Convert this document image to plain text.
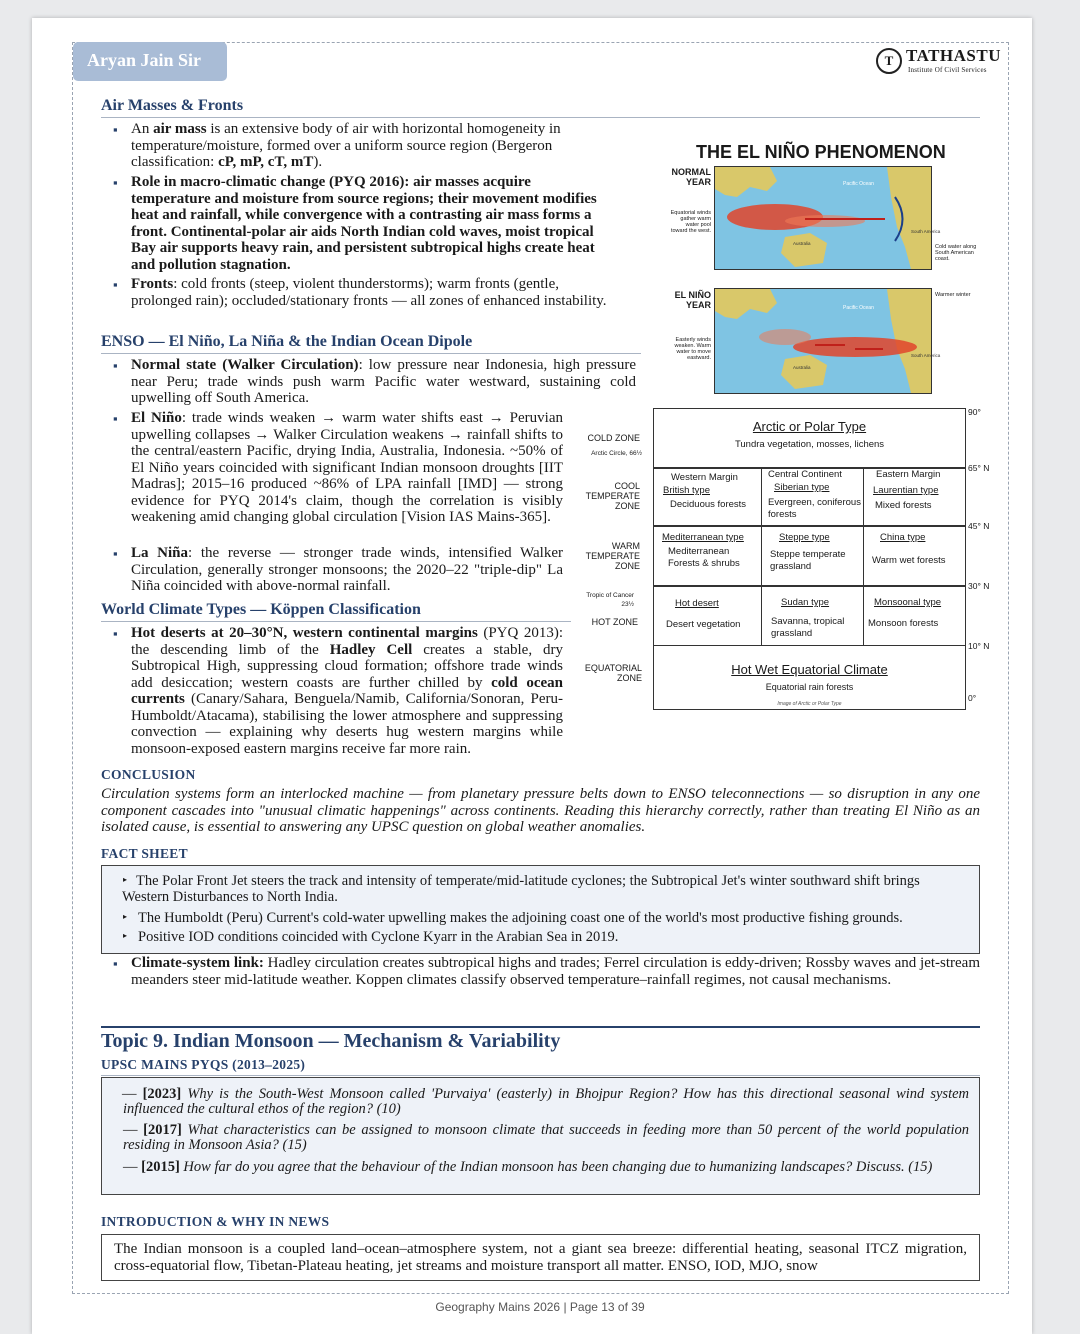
Aryan Jain Sir	T TATHASTU
Institute Of Civil Services
Air Masses & Fronts
▪ An air mass is an extensive body of air with horizontal homogeneity in temperature/moisture, formed over a uniform source region (Bergeron classification: cP, mP, cT, mT).
▪ Role in macro-climatic change (PYQ 2016): air masses acquire temperature and moisture from source regions; their movement modifies heat and rainfall, while convergence with a contrasting air mass forms a front. Continental-polar air aids North Indian cold waves, moist tropical Bay air supports heavy rain, and persistent subtropical highs create heat and pollution stagnation.
▪ Fronts: cold fronts (steep, violent thunderstorms); warm fronts (gentle, prolonged rain); occluded/stationary fronts — all zones of enhanced instability.
ENSO — El Niño, La Niña & the Indian Ocean Dipole
▪ Normal state (Walker Circulation): low pressure near Indonesia, high pressure near Peru; trade winds push warm Pacific water westward, sustaining cold upwelling off South America.
▪ El Niño: trade winds weaken → warm water shifts east → Peruvian upwelling collapses → Walker Circulation weakens → rainfall shifts to the central/eastern Pacific, drying India, Australia, Indonesia. ~50% of El Niño years coincided with significant Indian monsoon droughts [IIT Madras]; 2015–16 produced ~86% of LPA rainfall [IMD] — strong evidence for PYQ 2014's claim, though the correlation is visibly weakening amid changing global circulation [Vision IAS Mains-365].
▪ La Niña: the reverse — stronger trade winds, intensified Walker Circulation, generally stronger monsoons; the 2020–22 "triple-dip" La Niña coincided with above-normal rainfall.
THE EL NIÑO PHENOMENON
NORMAL YEAR
Equatorial winds gather warm water pool toward the west.
Pacific Ocean
Australia
South America
Cold water along South American coast.
EL NIÑO YEAR
Easterly winds weaken. Warm water to move eastward.
Pacific Ocean
Australia
South America
Warmer winter
World Climate Types — Köppen Classification
▪ Hot deserts at 20–30°N, western continental margins (PYQ 2013): the descending limb of the Hadley Cell creates a stable, dry Subtropical High, suppressing cloud formation; offshore trade winds add desiccation; western coasts are further chilled by cold ocean currents (Canary/Sahara, Benguela/Namib, California/Sonoran, Peru-Humboldt/Atacama), stabilising the lower atmosphere and suppressing convection — explaining why deserts hug western margins while monsoon-exposed eastern margins receive far more rain.
COLD ZONE
Arctic Circle, 66½
COOL TEMPERATE ZONE
WARM TEMPERATE ZONE
Tropic of Cancer 23½
HOT ZONE
EQUATORIAL ZONE
90°
65° N
45° N
30° N
10° N
0°
Arctic or Polar Type
Tundra vegetation, mosses, lichens
Western Margin
British type
Deciduous forests
Central Continent
Siberian type
Evergreen, coniferous forests
Eastern Margin
Laurentian type
Mixed forests
Mediterranean type
Mediterranean Forests & shrubs
Steppe type
Steppe temperate grassland
China type
Warm wet forests
Hot desert
Desert vegetation
Sudan type
Savanna, tropical grassland
Monsoonal type
Monsoon forests
Hot Wet Equatorial Climate
Equatorial rain forests
Image of Arctic or Polar Type
CONCLUSION
Circulation systems form an interlocked machine — from planetary pressure belts down to ENSO teleconnections — so disruption in any one component cascades into "unusual climatic happenings" across continents. Reading this hierarchy correctly, rather than treating El Niño as an isolated cause, is essential to answering any UPSC question on global weather anomalies.
FACT SHEET
▸ The Polar Front Jet steers the track and intensity of temperate/mid-latitude cyclones; the Subtropical Jet's winter southward shift brings Western Disturbances to North India.
▸ The Humboldt (Peru) Current's cold-water upwelling makes the adjoining coast one of the world's most productive fishing grounds.
▸ Positive IOD conditions coincided with Cyclone Kyarr in the Arabian Sea in 2019.
▪ Climate-system link: Hadley circulation creates subtropical highs and trades; Ferrel circulation is eddy-driven; Rossby waves and jet-stream meanders steer mid-latitude weather. Koppen climates classify observed temperature–rainfall regimes, not causal mechanisms.
Topic 9. Indian Monsoon — Mechanism & Variability
UPSC MAINS PYQS (2013–2025)
— [2023] Why is the South-West Monsoon called 'Purvaiya' (easterly) in Bhojpur Region? How has this directional seasonal wind system influenced the cultural ethos of the region? (10)
— [2017] What characteristics can be assigned to monsoon climate that succeeds in feeding more than 50 percent of the world population residing in Monsoon Asia? (15)
— [2015] How far do you agree that the behaviour of the Indian monsoon has been changing due to humanizing landscapes? Discuss. (15)
INTRODUCTION & WHY IN NEWS
The Indian monsoon is a coupled land–ocean–atmosphere system, not a giant sea breeze: differential heating, seasonal ITCZ migration, cross-equatorial flow, Tibetan-Plateau heating, jet streams and moisture transport all matter. ENSO, IOD, MJO, snow
Geography Mains 2026 | Page 13 of 39
